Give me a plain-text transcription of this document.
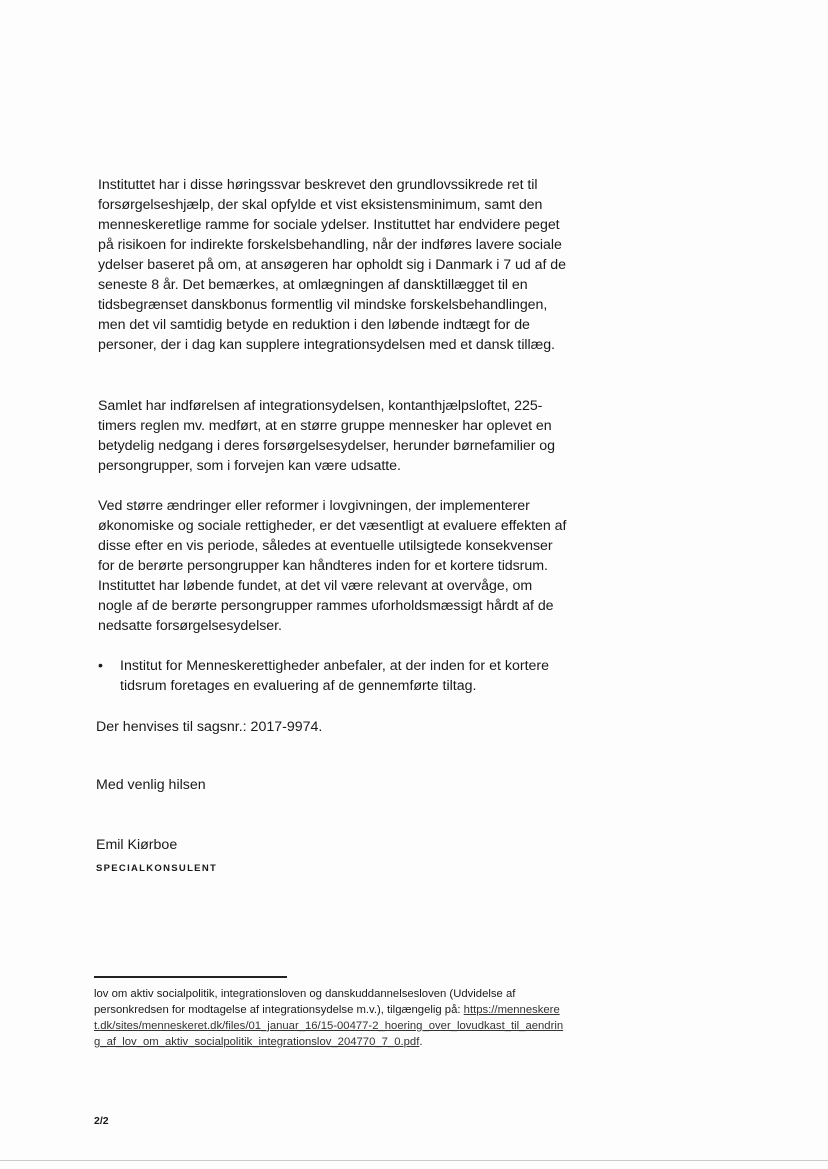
Instituttet har i disse høringssvar beskrevet den grundlovssikrede ret til forsørgelseshjælp, der skal opfylde et vist eksistensminimum, samt den menneskeretlige ramme for sociale ydelser. Instituttet har endvidere peget på risikoen for indirekte forskelsbehandling, når der indføres lavere sociale ydelser baseret på om, at ansøgeren har opholdt sig i Danmark i 7 ud af de seneste 8 år. Det bemærkes, at omlægningen af dansktillægget til en tidsbegrænset danskbonus formentlig vil mindske forskelsbehandlingen, men det vil samtidig betyde en reduktion i den løbende indtægt for de personer, der i dag kan supplere integrationsydelsen med et dansk tillæg.

Samlet har indførelsen af integrationsydelsen, kontanthjælpsloftet, 225-timers reglen mv. medført, at en større gruppe mennesker har oplevet en betydelig nedgang i deres forsørgelsesydelser, herunder børnefamilier og persongrupper, som i forvejen kan være udsatte.

Ved større ændringer eller reformer i lovgivningen, der implementerer økonomiske og sociale rettigheder, er det væsentligt at evaluere effekten af disse efter en vis periode, således at eventuelle utilsigtede konsekvenser for de berørte persongrupper kan håndteres inden for et kortere tidsrum. Instituttet har løbende fundet, at det vil være relevant at overvåge, om nogle af de berørte persongrupper rammes uforholdsmæssigt hårdt af de nedsatte forsørgelsesydelser.

• Institut for Menneskerettigheder anbefaler, at der inden for et kortere tidsrum foretages en evaluering af de gennemførte tiltag.
Der henvises til sagsnr.: 2017-9974.
Med venlig hilsen
Emil Kiørboe
SPECIALKONSULENT
lov om aktiv socialpolitik, integrationsloven og danskuddannelsesloven (Udvidelse af personkredsen for modtagelse af integrationsydelse m.v.), tilgængelig på: https://menneskeret.dk/sites/menneskeret.dk/files/01_januar_16/15-00477-2_hoering_over_lovudkast_til_aendring_af_lov_om_aktiv_socialpolitik_integrationslov_204770_7_0.pdf.
2/2
